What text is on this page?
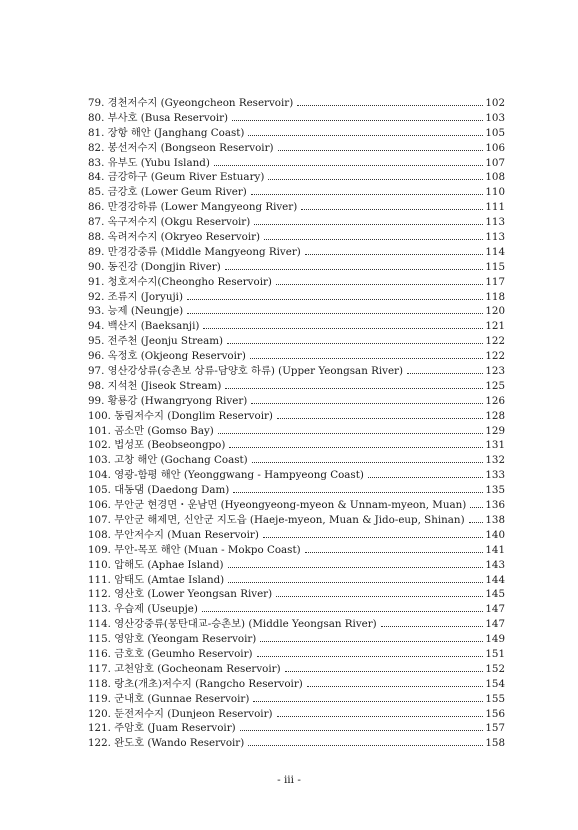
79. 경천저수지 (Gyeongcheon Reservoir)	102
80. 부사호 (Busa Reservoir)	103
81. 장항 해안 (Janghang Coast)	105
82. 봉선저수지 (Bongseon Reservoir)	106
83. 유부도 (Yubu Island)	107
84. 금강하구 (Geum River Estuary)	108
85. 금강호 (Lower Geum River)	110
86. 만경강하류 (Lower Mangyeong River)	111
87. 옥구저수지 (Okgu Reservoir)	113
88. 옥려저수지 (Okryeo Reservoir)	113
89. 만경강중류 (Middle Mangyeong River)	114
90. 동진강 (Dongjin River)	115
91. 청호저수지(Cheongho Reservoir)	117
92. 조류지 (Joryuji)	118
93. 능제 (Neungje)	120
94. 백산지 (Baeksanji)	121
95. 전주천 (Jeonju Stream)	122
96. 옥정호 (Okjeong Reservoir)	122
97. 영산강상류(승촌보 상류-담양호 하류) (Upper Yeongsan River)	123
98. 지석천 (Jiseok Stream)	125
99. 황룡강 (Hwangryong River)	126
100. 동림저수지 (Donglim Reservoir)	128
101. 곰소만 (Gomso Bay)	129
102. 법성포 (Beobseongpo)	131
103. 고창 해안 (Gochang Coast)	132
104. 영광-함평 해안 (Yeonggwang - Hampyeong Coast)	133
105. 대동댐 (Daedong Dam)	135
106. 무안군 현경면・운남면 (Hyeongyeong-myeon & Unnam-myeon, Muan) 136
107. 무안군 해제면, 신안군 지도읍 (Haeje-myeon, Muan & Jido-eup, Shinan) 138
108. 무안저수지 (Muan Reservoir)	140
109. 무안-목포 해안 (Muan - Mokpo Coast)	141
110. 압해도 (Aphae Island)	143
111. 암태도 (Amtae Island)	144
112. 영산호 (Lower Yeongsan River)	145
113. 우습제 (Useupje)	147
114. 영산강중류(몽탄대교-승촌보) (Middle Yeongsan River)	147
115. 영암호 (Yeongam Reservoir)	149
116. 금호호 (Geumho Reservoir)	151
117. 고천암호 (Gocheonam Reservoir)	152
118. 랑초(개초)저수지 (Rangcho Reservoir)	154
119. 군내호 (Gunnae Reservoir)	155
120. 둔전저수지 (Dunjeon Reservoir)	156
121. 주암호 (Juam Reservoir)	157
122. 완도호 (Wando Reservoir)	158
- iii -
